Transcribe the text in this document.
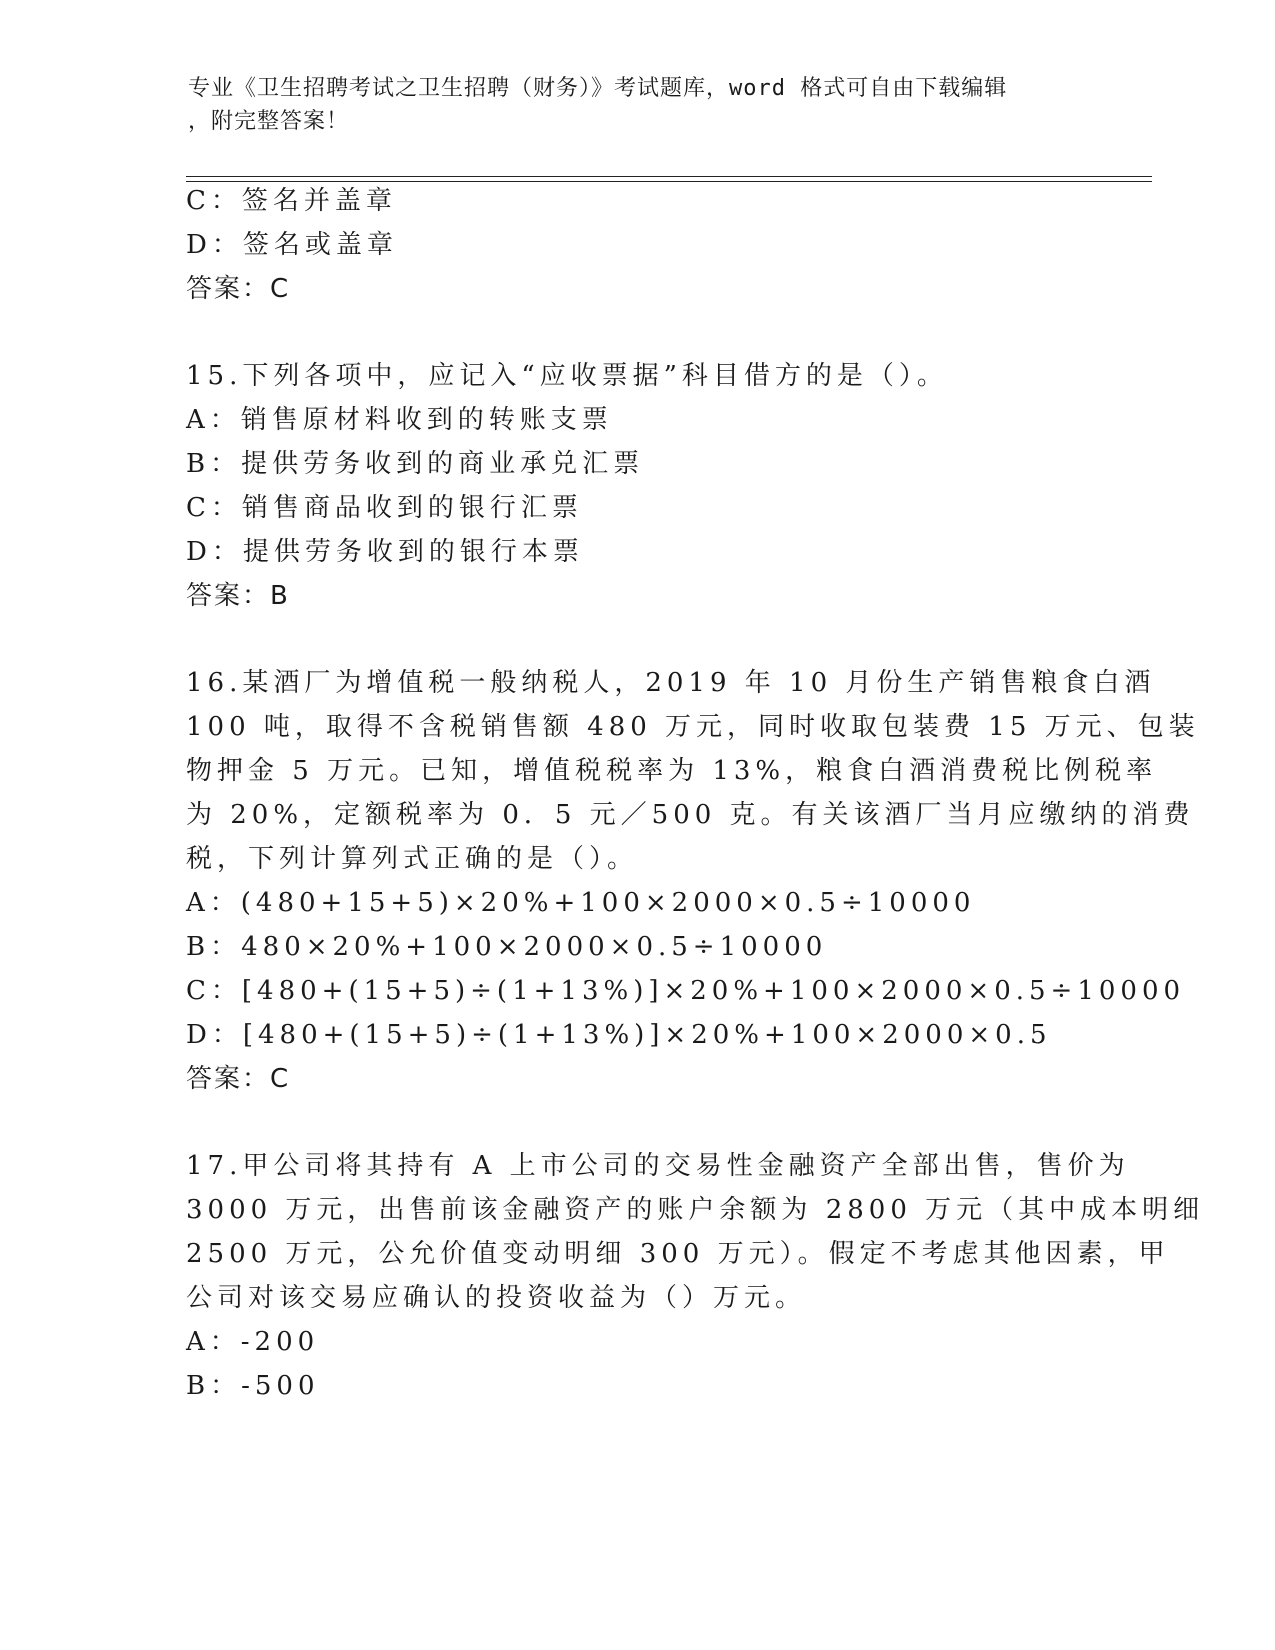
专业《卫生招聘考试之卫生招聘（财务）》考试题库，word 格式可自由下载编辑
，附完整答案！
C：签名并盖章
D：签名或盖章
答案：C
15.下列各项中，应记入“应收票据”科目借方的是（）。
A：销售原材料收到的转账支票
B：提供劳务收到的商业承兑汇票
C：销售商品收到的银行汇票
D：提供劳务收到的银行本票
答案：B
16.某酒厂为增值税一般纳税人，2019 年 10 月份生产销售粮食白酒
100 吨，取得不含税销售额 480 万元，同时收取包装费 15 万元、包装
物押金 5 万元。已知，增值税税率为 13%，粮食白酒消费税比例税率
为 20%，定额税率为 0．5 元／500 克。有关该酒厂当月应缴纳的消费
税，下列计算列式正确的是（）。
A：(480+15+5)×20%+100×2000×0.5÷10000
B：480×20%+100×2000×0.5÷10000
C：[480+(15+5)÷(1+13%)]×20%+100×2000×0.5÷10000
D：[480+(15+5)÷(1+13%)]×20%+100×2000×0.5
答案：C
17.甲公司将其持有 A 上市公司的交易性金融资产全部出售，售价为
3000 万元，出售前该金融资产的账户余额为 2800 万元（其中成本明细
2500 万元，公允价值变动明细 300 万元）。假定不考虑其他因素，甲
公司对该交易应确认的投资收益为（）万元。
A：-200
B：-500
